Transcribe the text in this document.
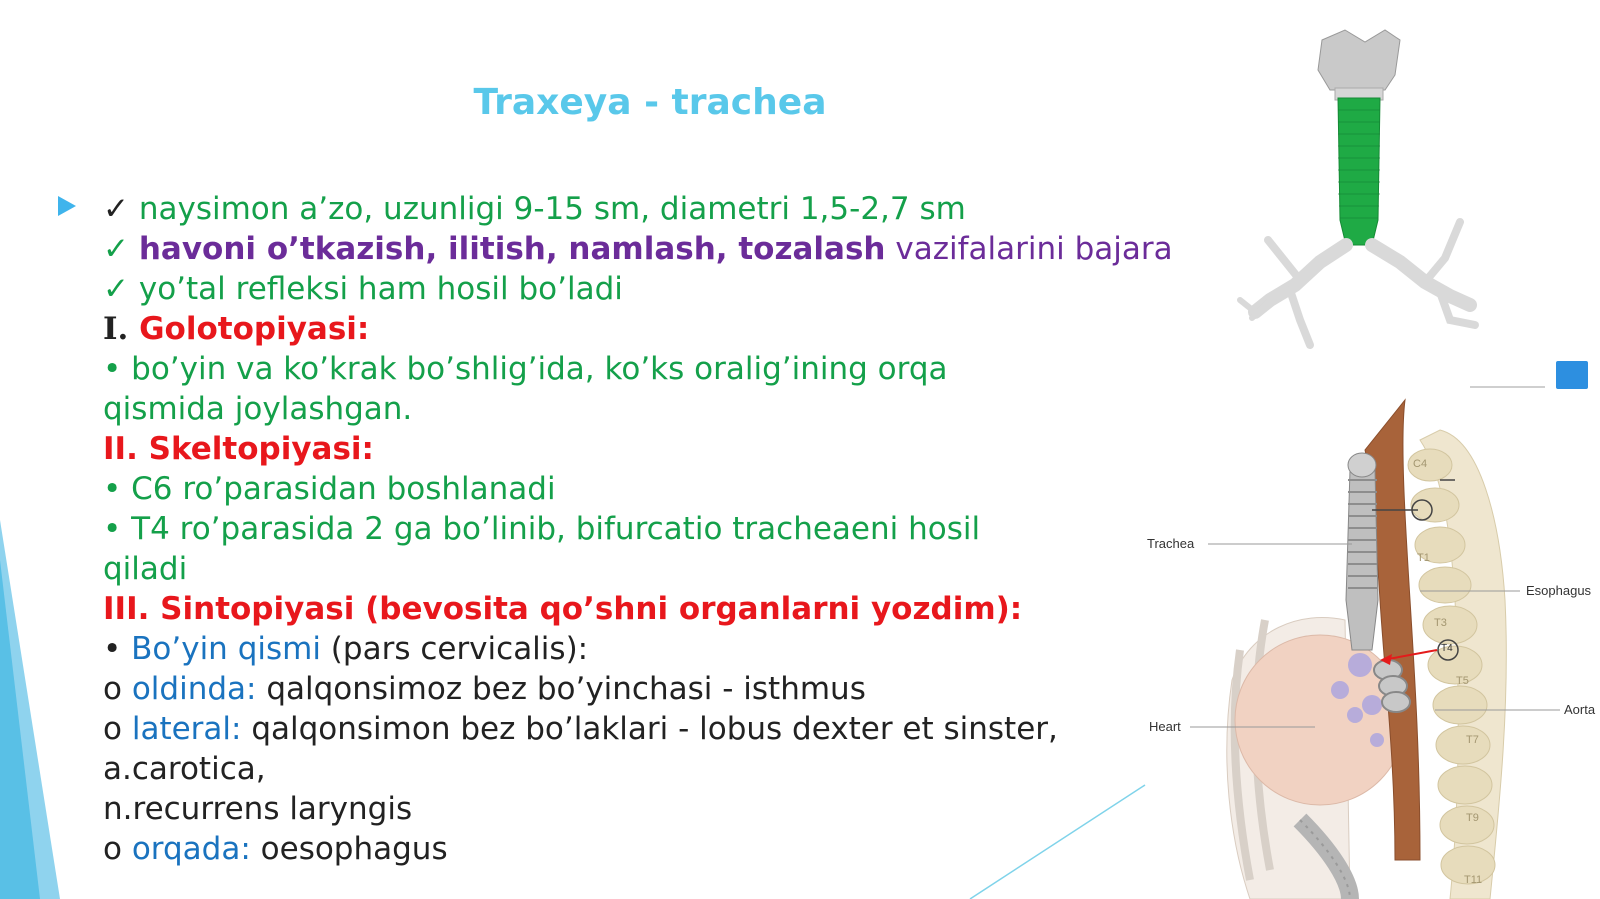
Traxeya - trachea
✓ naysimon a’zo, uzunligi 9-15 sm, diametri 1,5-2,7 sm
✓ havoni o’tkazish, ilitish, namlash, tozalash vazifalarini bajara
✓ yo’tal refleksi ham hosil bo’ladi
I. Golotopiyasi:
• bo’yin va ko’krak bo’shlig’ida, ko’ks oralig’ining orqa
qismida joylashgan.
II. Skeltopiyasi:
• C6 ro’parasidan boshlanadi
• T4 ro’parasida 2 ga bo’linib, bifurcatio tracheaeni hosil
qiladi
III. Sintopiyasi (bevosita qo’shni organlarni yozdim):
• Bo’yin qismi (pars cervicalis):
o oldinda: qalqonsimoz bez bo’yinchasi - isthmus
o lateral: qalqonsimon bez bo’laklari - lobus dexter et sinster,
a.carotica,
n.recurrens laryngis
o orqada: oesophagus
Trachea
Esophagus
Heart
Aorta
C4
T1
T3
T4
T5
T7
T9
T11
